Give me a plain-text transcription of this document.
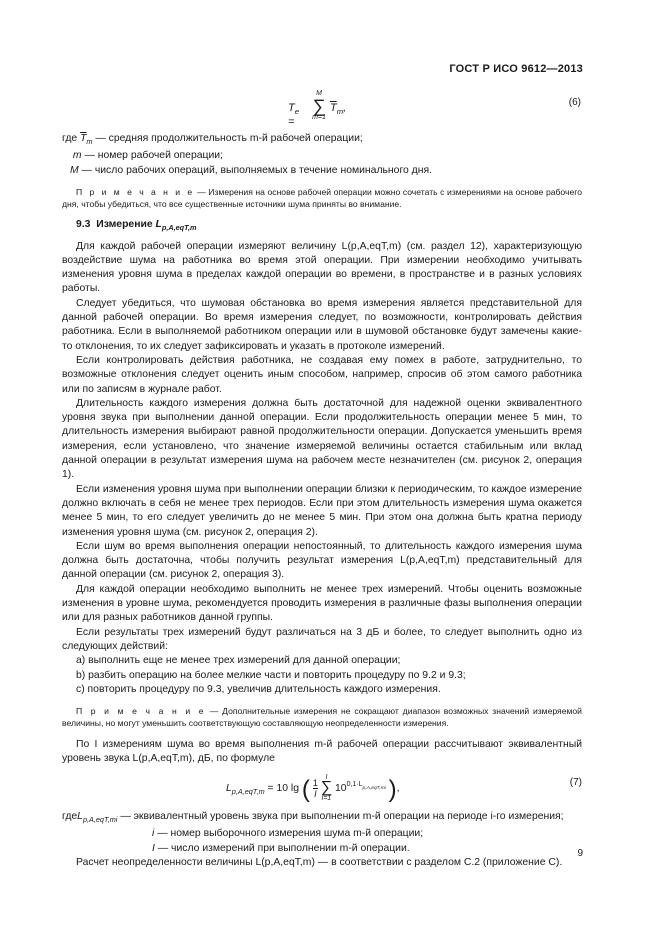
ГОСТ Р ИСО 9612—2013
$T_e$ =
M
∑
m=1
$\overline{T}_m$,	(6)
где $\overline{T}_m$ — средняя продолжительность m-й рабочей операции;
m — номер рабочей операции;
M — число рабочих операций, выполняемых в течение номинального дня.

П р и м е ч а н и е — Измерения на основе рабочей операции можно сочетать с измерениями на основе рабочего дня, чтобы убедиться, что все существенные источники шума приняты во внимание.

9.3 Измерение $L_{p,A,eqT,m}$

Для каждой рабочей операции измеряют величину L(p,A,eqT,m) (см. раздел 12), характеризующую воздействие шума на работника во время этой операции. При измерении необходимо учитывать изменения уровня шума в пределах каждой операции во времени, в пространстве и в разных условиях работы.

Следует убедиться, что шумовая обстановка во время измерения является представительной для данной рабочей операции. Во время измерения следует, по возможности, контролировать действия работника. Если в выполняемой работником операции или в шумовой обстановке будут замечены какие-то отклонения, то их следует зафиксировать и указать в протоколе измерений.

Если контролировать действия работника, не создавая ему помех в работе, затруднительно, то возможные отклонения следует оценить иным способом, например, спросив об этом самого работника или по записям в журнале работ.

Длительность каждого измерения должна быть достаточной для надежной оценки эквивалентного уровня звука при выполнении данной операции. Если продолжительность операции менее 5 мин, то длительность измерения выбирают равной продолжительности операции. Допускается уменьшить время измерения, если установлено, что значение измеряемой величины остается стабильным или вклад данной операции в результат измерения шума на рабочем месте незначителен (см. рисунок 2, операция 1).

Если изменения уровня шума при выполнении операции близки к периодическим, то каждое измерение должно включать в себя не менее трех периодов. Если при этом длительность измерения шума окажется менее 5 мин, то его следует увеличить до не менее 5 мин. При этом она должна быть кратна периоду изменения уровня шума (см. рисунок 2, операция 2).

Если шум во время выполнения операции непостоянный, то длительность каждого измерения шума должна быть достаточна, чтобы получить результат измерения L(p,A,eqT,m) представительный для данной операции (см. рисунок 2, операция 3).

Для каждой операции необходимо выполнить не менее трех измерений. Чтобы оценить возможные изменения в уровне шума, рекомендуется проводить измерения в различные фазы выполнения операции или для разных работников данной группы.

Если результаты трех измерений будут различаться на 3 дБ и более, то следует выполнить одно из следующих действий:

a) выполнить еще не менее трех измерений для данной операции;
b) разбить операцию на более мелкие части и повторить процедуру по 9.2 и 9.3;
c) повторить процедуру по 9.3, увеличив длительность каждого измерения.

П р и м е ч а н и е — Дополнительные измерения не сокращают диапазон возможных значений измеряемой величины, но могут уменьшить соответствующую составляющую неопределенности измерения.

По I измерениям шума во время выполнения m-й рабочей операции рассчитывают эквивалентный уровень звука L(p,A,eqT,m), дБ, по формуле

$L_{p,A,eqT,m} = 10$ lg ( $\frac{1}{I}$
	I
∑
i=1
$10^{0,1\cdot L_{p,A,eqT,mi}}$ ),
(7)
гдеL$_{p,A,eqT,mi}$ — эквивалентный уровень звука при выполнении m-й операции на периоде i-го измерения;
i — номер выборочного измерения шума m-й операции;
I — число измерений при выполнении m-й операции.

Расчет неопределенности величины L(p,A,eqT,m) — в соответствии с разделом С.2 (приложение С).

9
